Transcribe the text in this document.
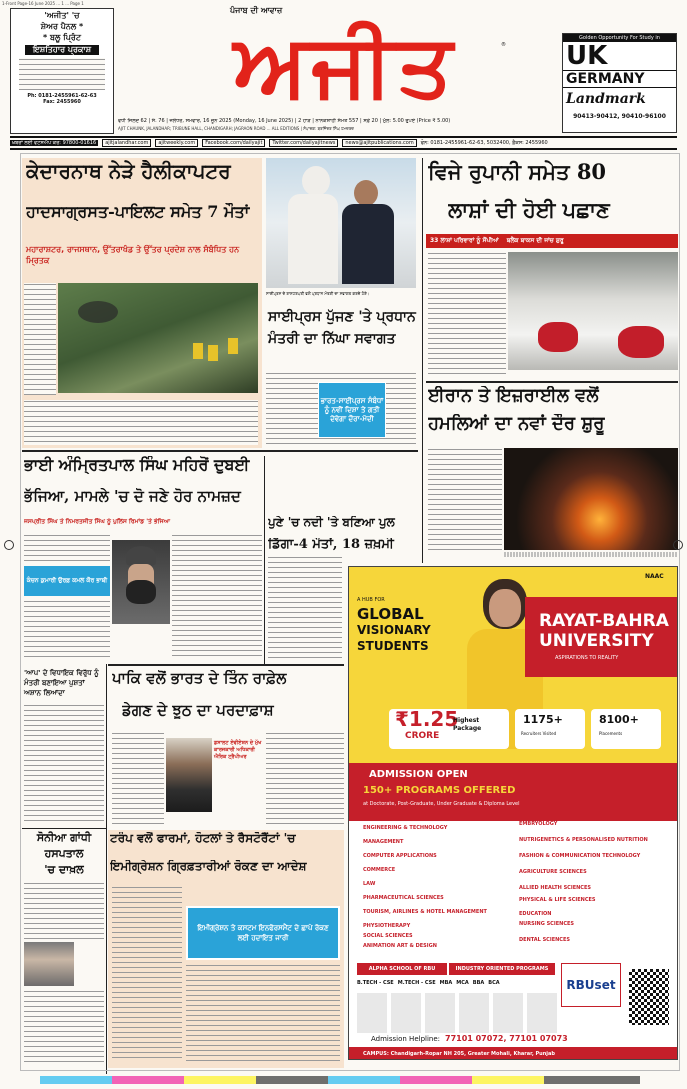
1-Front Page-16 June 2025 ... 1 ... Page 1
'ਅਜੀਤ' 'ਚ
ਸ਼ੇਅਰ ਪੈਨਲ *
* ਬਲੂ ਪ੍ਰਿੰਟ
ਇਸ਼ਤਿਹਾਰ ਪ੍ਰਕਾਸ਼
Ph: 0181-2455961-62-63
Fax: 2455960
ਪੰਜਾਬ ਦੀ ਆਵਾਜ਼
ਅਜੀਤ	®
ਵਧੀ ਜਿਲਦ 62 | ਸੰ. 76 | ਜਲੰਧਰ, ਸੋਮਵਾਰ, 16 ਜੂਨ 2025 (Monday, 16 June 2025) | 2 ਹਾੜ | ਨਾਨਕਸ਼ਾਹੀ ਸੰਮਤ 557 | ਸਫ਼ੇ 20 | ਮੁੱਲ: 5.00 ਰੁਪਏ (Price ₹ 5.00)
AJIT CHAUNK, JALANDHAR; TRIBUNE HALL, CHANDIGARH; JAGRAON ROAD ... ALL EDITIONS | ਸੰਪਾਦਕ: ਬਰਜਿੰਦਰ ਸਿੰਘ ਹਮਦਰਦ
Golden Opportunity For Study in
UK
GERMANY
Landmark
90413-90412, 90410-96100
ਖ਼ਬਰਾਂ ਲਈ ਵਟਸਐਪ ਕਰੋ: 97800-01616	ajitjalandhar.com	ajitweekly.com	Facebook.com/dailyajit	Twitter.com/dailyajitnews	news@ajitpublications.com	ਫੋਨ: 0181-2455961-62-63, 5032400, ਫ਼ੈਕਸ: 2455960
ਕੇਦਾਰਨਾਥ ਨੇੜੇ ਹੈਲੀਕਾਪਟਰ
ਹਾਦਸਾਗ੍ਰਸਤ-ਪਾਇਲਟ ਸਮੇਤ 7 ਮੌਤਾਂ
ਮਹਾਰਾਸ਼ਟਰ, ਰਾਜਸਥਾਨ, ਉੱਤਰਾਖੰਡ ਤੇ ਉੱਤਰ ਪ੍ਰਦੇਸ਼ ਨਾਲ ਸੰਬੰਧਿਤ ਹਨ ਮ੍ਰਿਤਕ
ਸਾਈਪ੍ਰਸ ਦੇ ਰਾਸ਼ਟਰਪਤੀ ਵਲੋਂ ਪ੍ਰਧਾਨ ਮੰਤਰੀ ਦਾ ਸਵਾਗਤ ਕਰਦੇ ਹੋਏ।
ਸਾਈਪ੍ਰਸ ਪੁੱਜਣ 'ਤੇ ਪ੍ਰਧਾਨ ਮੰਤਰੀ ਦਾ ਨਿੱਘਾ ਸਵਾਗਤ
ਭਾਰਤ-ਸਾਈਪ੍ਰਸ ਸੰਬੰਧਾਂ ਨੂੰ ਨਵੀਂ ਦਿਸ਼ਾ ਤੇ ਗਤੀ ਦੇਵੇਗਾ ਦੌਰਾ-ਮੋਦੀ
ਵਿਜੇ ਰੁਪਾਨੀ ਸਮੇਤ 80
ਲਾਸ਼ਾਂ ਦੀ ਹੋਈ ਪਛਾਣ
33 ਲਾਸ਼ਾਂ ਪਰਿਵਾਰਾਂ ਨੂੰ ਸੌਂਪੀਆਂ ਬਲੈਕ ਬਾਕਸ ਦੀ ਜਾਂਚ ਸ਼ੁਰੂ
ਈਰਾਨ ਤੇ ਇਜ਼ਰਾਈਲ ਵਲੋਂ
ਹਮਲਿਆਂ ਦਾ ਨਵਾਂ ਦੌਰ ਸ਼ੁਰੂ
ਭਾਈ ਅੰਮ੍ਰਿਤਪਾਲ ਸਿੰਘ ਮਹਿਰੋਂ ਦੁਬਈ
ਭੱਜਿਆ, ਮਾਮਲੇ 'ਚ ਦੋ ਜਣੇ ਹੋਰ ਨਾਮਜ਼ਦ
ਜਸਪ੍ਰੀਤ ਸਿੰਘ ਤੇ ਨਿਮਰਤਜੀਤ ਸਿੰਘ ਨੂੰ ਪੁਲਿਸ ਰਿਮਾਂਡ 'ਤੇ ਭੇਜਿਆ
ਕੰਚਨ ਕੁਮਾਰੀ ਉਰਫ਼ ਕਮਲ ਕੌਰ ਭਾਬੀ
ਪੁਣੇ 'ਚ ਨਦੀ 'ਤੇ ਬਣਿਆ ਪੁਲ
ਡਿੱਗਾ-4 ਮੌਤਾਂ, 18 ਜ਼ਖ਼ਮੀ
ਪਾਕਿ ਵਲੋਂ ਭਾਰਤ ਦੇ ਤਿੰਨ ਰਾਫ਼ੇਲ
ਡੇਗਣ ਦੇ ਝੂਠ ਦਾ ਪਰਦਾਫ਼ਾਸ਼
ਡਸਾਲਟ ਏਵੀਏਸ਼ਨ ਦੇ ਮੁੱਖ ਕਾਰਜਕਾਰੀ ਅਧਿਕਾਰੀ ਐਰਿਕ ਟ੍ਰੈਪੀਅਰ
'ਆਪ' ਦੇ ਵਿਧਾਇਕ ਵਿਰੁੱਧ ਨੂੰ ਮੰਤਰੀ ਬਣਾਇਆ ਪੁਸ਼ਤਾਂ ਅਸ਼ਾਨ ਲਿਆਂਦਾ
ਸੋਨੀਆ ਗਾਂਧੀ
ਹਸਪਤਾਲ
'ਚ ਦਾਖ਼ਲ
ਟਰੰਪ ਵਲੋਂ ਫਾਰਮਾਂ, ਹੋਟਲਾਂ ਤੇ ਰੈਸਟੋਰੈਂਟਾਂ 'ਚ
ਇਮੀਗ੍ਰੇਸ਼ਨ ਗ੍ਰਿਫ਼ਤਾਰੀਆਂ ਰੋਕਣ ਦਾ ਆਦੇਸ਼
ਇਮੀਗ੍ਰੇਸ਼ਨ ਤੇ ਕਸਟਮ ਇਨਫੋਰਸਮੈਂਟ ਦੇ ਛਾਪੇ ਰੋਕਣ ਲਈ ਹਦਾਇਤ ਜਾਰੀ
NAAC
A HUB FOR
GLOBAL
VISIONARY
STUDENTS
RAYAT-BAHRA
UNIVERSITY
ASPIRATIONS TO REALITY
₹1.25
CRORE
Highest Package
1175+
Recruiters Visited
8100+
Placements
ADMISSION OPEN
150+ PROGRAMS OFFERED
at Doctorate, Post-Graduate, Under Graduate & Diploma Level
ENGINEERING & TECHNOLOGY
MANAGEMENT
COMPUTER APPLICATIONS
COMMERCE
LAW
PHARMACEUTICAL SCIENCES
TOURISM, AIRLINES & HOTEL MANAGEMENT
PHYSIOTHERAPY
SOCIAL SCIENCES
ANIMATION ART & DESIGN
EMBRYOLOGY
NUTRIGENETICS & PERSONALISED NUTRITION
FASHION & COMMUNICATION TECHNOLOGY
AGRICULTURE SCIENCES
ALLIED HEALTH SCIENCES
PHYSICAL & LIFE SCIENCES
EDUCATION
NURSING SCIENCES
DENTAL SCIENCES
ALPHA SCHOOL OF RBU	INDUSTRY ORIENTED PROGRAMS
B.TECH - CSE M.TECH - CSE MBA MCA BBA BCA	RBUset
Admission Helpline: 77101 07072, 77101 07073
CAMPUS: Chandigarh-Ropar NH 205, Greater Mohali, Kharar, Punjab
